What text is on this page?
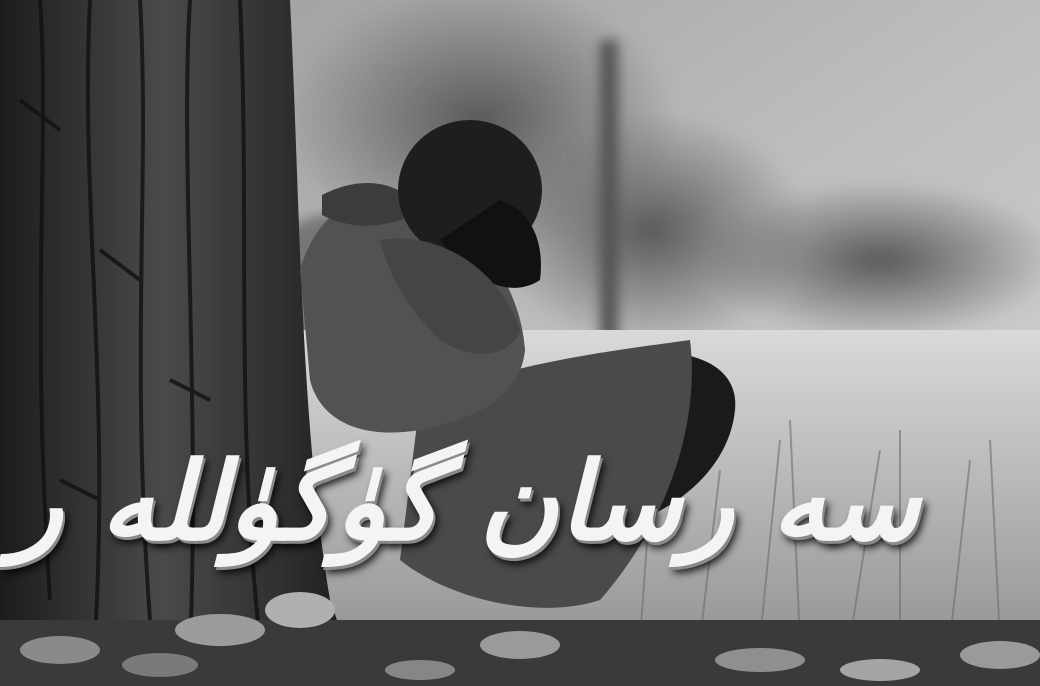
سه رسان گۈگۈلله ر
